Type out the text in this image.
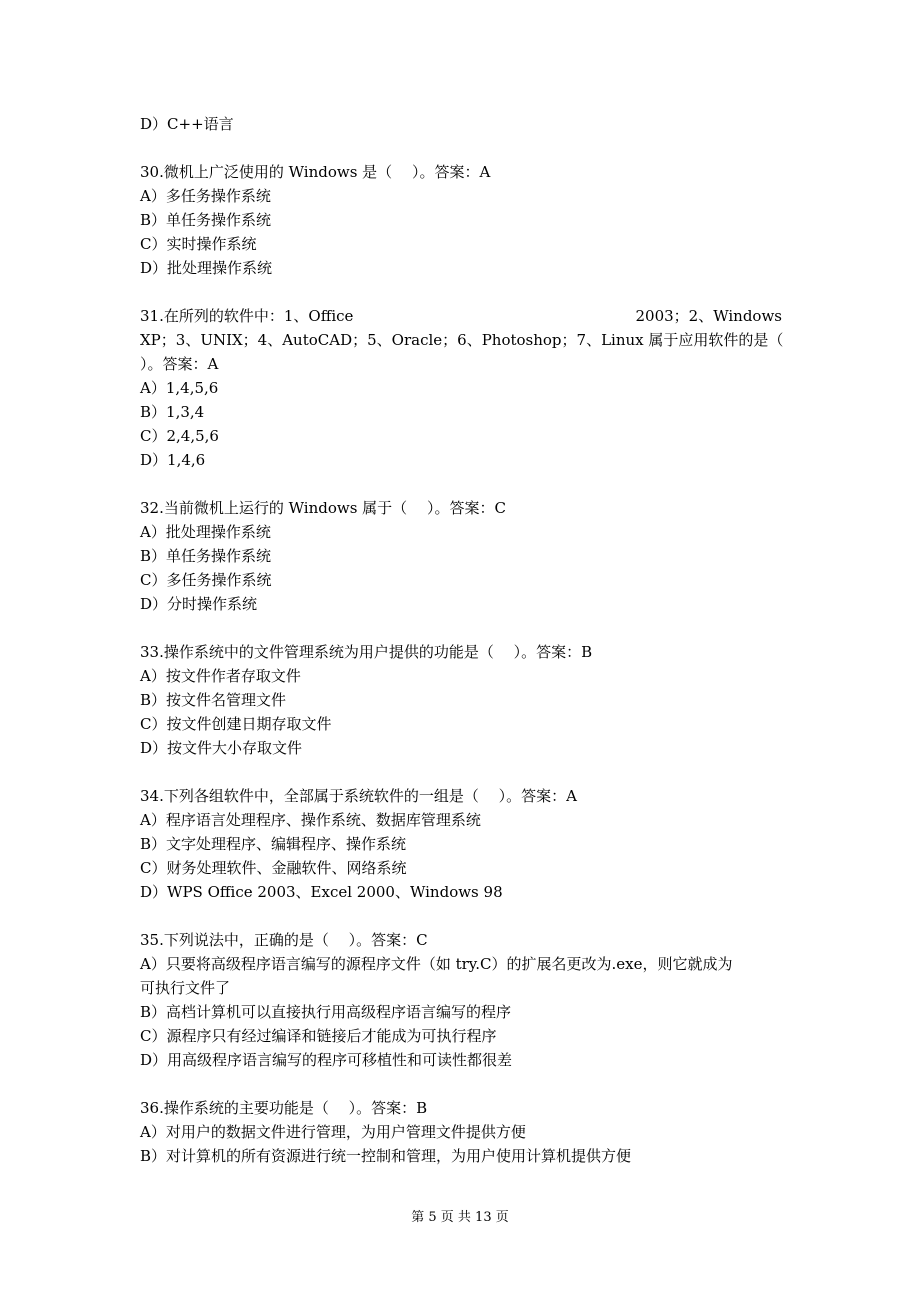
D）C++语言
30.微机上广泛使用的 Windows 是（　 ）。答案：A
A）多任务操作系统
B）单任务操作系统
C）实时操作系统
D）批处理操作系统
31.在所列的软件中：1、Office	2003；2、Windows
XP；3、UNIX；4、AutoCAD；5、Oracle；6、Photoshop；7、Linux 属于应用软件的是（
）。答案：A
A）1,4,5,6
B）1,3,4
C）2,4,5,6
D）1,4,6
32.当前微机上运行的 Windows 属于（　 ）。答案：C
A）批处理操作系统
B）单任务操作系统
C）多任务操作系统
D）分时操作系统
33.操作系统中的文件管理系统为用户提供的功能是（　 ）。答案：B
A）按文件作者存取文件
B）按文件名管理文件
C）按文件创建日期存取文件
D）按文件大小存取文件
34.下列各组软件中，全部属于系统软件的一组是（　 ）。答案：A
A）程序语言处理程序、操作系统、数据库管理系统
B）文字处理程序、编辑程序、操作系统
C）财务处理软件、金融软件、网络系统
D）WPS Office 2003、Excel 2000、Windows 98
35.下列说法中，正确的是（　 ）。答案：C
A）只要将高级程序语言编写的源程序文件（如 try.C）的扩展名更改为.exe，则它就成为
可执行文件了
B）高档计算机可以直接执行用高级程序语言编写的程序
C）源程序只有经过编译和链接后才能成为可执行程序
D）用高级程序语言编写的程序可移植性和可读性都很差
36.操作系统的主要功能是（　 ）。答案：B
A）对用户的数据文件进行管理，为用户管理文件提供方便
B）对计算机的所有资源进行统一控制和管理，为用户使用计算机提供方便
第 5 页 共 13 页
